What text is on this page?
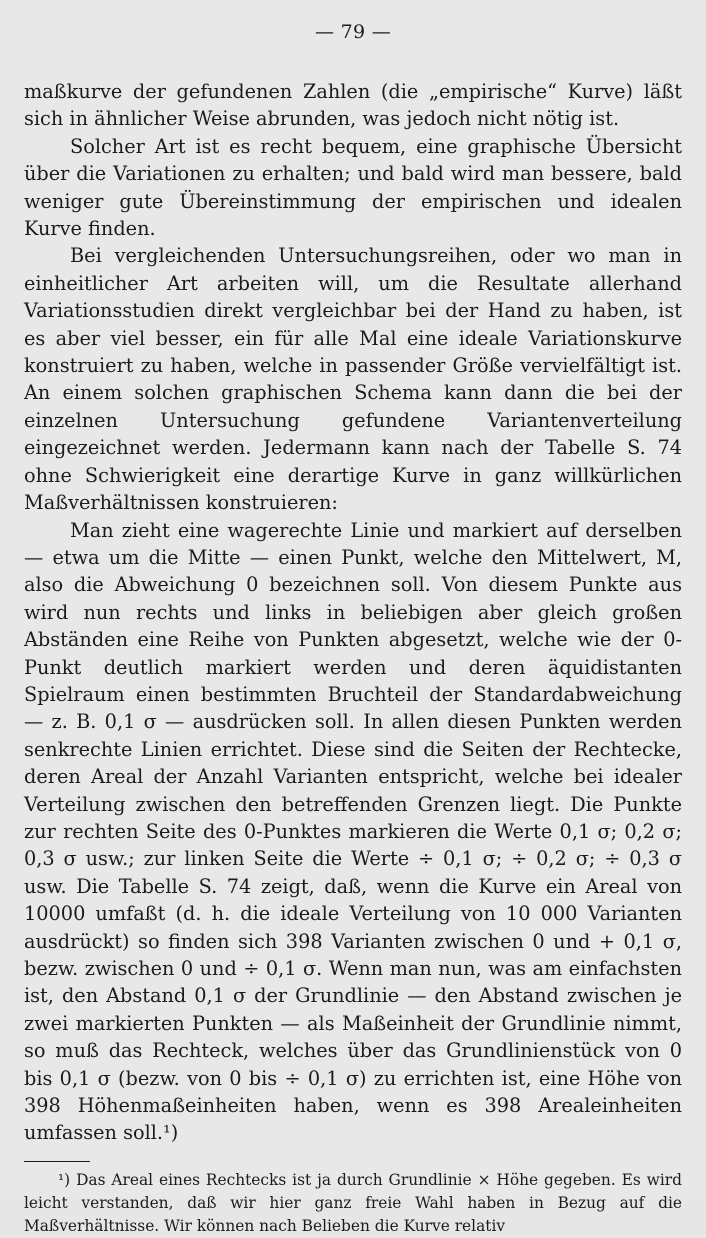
— 79 —

maßkurve der gefundenen Zahlen (die „empirische“ Kurve) läßt sich in ähnlicher Weise abrunden, was jedoch nicht nötig ist.

Solcher Art ist es recht bequem, eine graphische Übersicht über die Variationen zu erhalten; und bald wird man bessere, bald weniger gute Übereinstimmung der empirischen und idealen Kurve finden.

Bei vergleichenden Untersuchungsreihen, oder wo man in einheitlicher Art arbeiten will, um die Resultate allerhand Variationsstudien direkt vergleichbar bei der Hand zu haben, ist es aber viel besser, ein für alle Mal eine ideale Variationskurve konstruiert zu haben, welche in passender Größe vervielfältigt ist. An einem solchen graphischen Schema kann dann die bei der einzelnen Untersuchung gefundene Variantenverteilung eingezeichnet werden. Jedermann kann nach der Tabelle S. 74 ohne Schwierigkeit eine derartige Kurve in ganz willkürlichen Maßverhältnissen konstruieren:

Man zieht eine wagerechte Linie und markiert auf derselben — etwa um die Mitte — einen Punkt, welche den Mittelwert, M, also die Abweichung 0 bezeichnen soll. Von diesem Punkte aus wird nun rechts und links in beliebigen aber gleich großen Abständen eine Reihe von Punkten abgesetzt, welche wie der 0-Punkt deutlich markiert werden und deren äquidistanten Spielraum einen bestimmten Bruchteil der Standardabweichung — z. B. 0,1 σ — ausdrücken soll. In allen diesen Punkten werden senkrechte Linien errichtet. Diese sind die Seiten der Rechtecke, deren Areal der Anzahl Varianten entspricht, welche bei idealer Verteilung zwischen den betreffenden Grenzen liegt. Die Punkte zur rechten Seite des 0-Punktes markieren die Werte 0,1 σ; 0,2 σ; 0,3 σ usw.; zur linken Seite die Werte ÷ 0,1 σ; ÷ 0,2 σ; ÷ 0,3 σ usw. Die Tabelle S. 74 zeigt, daß, wenn die Kurve ein Areal von 10000 umfaßt (d. h. die ideale Verteilung von 10 000 Varianten ausdrückt) so finden sich 398 Varianten zwischen 0 und + 0,1 σ, bezw. zwischen 0 und ÷ 0,1 σ. Wenn man nun, was am einfachsten ist, den Abstand 0,1 σ der Grundlinie — den Abstand zwischen je zwei markierten Punkten — als Maßeinheit der Grundlinie nimmt, so muß das Rechteck, welches über das Grundlinienstück von 0 bis 0,1 σ (bezw. von 0 bis ÷ 0,1 σ) zu errichten ist, eine Höhe von 398 Höhenmaßeinheiten haben, wenn es 398 Arealeinheiten umfassen soll.¹)

¹) Das Areal eines Rechtecks ist ja durch Grundlinie × Höhe gegeben. Es wird leicht verstanden, daß wir hier ganz freie Wahl haben in Bezug auf die Maßverhältnisse. Wir können nach Belieben die Kurve relativ
